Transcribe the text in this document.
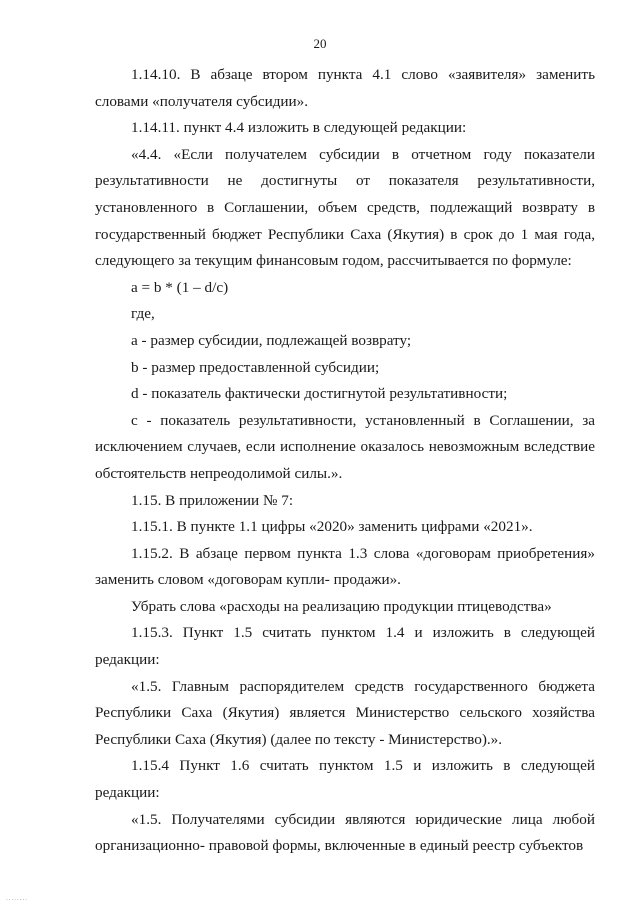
20

1.14.10. В абзаце втором пункта 4.1 слово «заявителя» заменить словами «получателя субсидии».

1.14.11. пункт 4.4 изложить в следующей редакции:

«4.4. «Если получателем субсидии в отчетном году показатели результативности не достигнуты от показателя результативности, установленного в Соглашении, объем средств, подлежащий возврату в государственный бюджет Республики Саха (Якутия) в срок до 1 мая года, следующего за текущим финансовым годом, рассчитывается по формуле:

a = b * (1 – d/c)

где,

a - размер субсидии, подлежащей возврату;

b - размер предоставленной субсидии;

d - показатель фактически достигнутой результативности;

c - показатель результативности, установленный в Соглашении, за исключением случаев, если исполнение оказалось невозможным вследствие обстоятельств непреодолимой силы.».

1.15. В приложении № 7:

1.15.1. В пункте 1.1 цифры «2020» заменить цифрами «2021».

1.15.2. В абзаце первом пункта 1.3 слова «договорам приобретения» заменить словом «договорам купли- продажи».

Убрать слова «расходы на реализацию продукции птицеводства»

1.15.3. Пункт 1.5 считать пунктом 1.4 и изложить в следующей редакции:

«1.5. Главным распорядителем средств государственного бюджета Республики Саха (Якутия) является Министерство сельского хозяйства Республики Саха (Якутия) (далее по тексту - Министерство).».

1.15.4 Пункт 1.6 считать пунктом 1.5 и изложить в следующей редакции:

«1.5. Получателями субсидии являются юридические лица любой организационно- правовой формы, включенные в единый реестр субъектов

........
